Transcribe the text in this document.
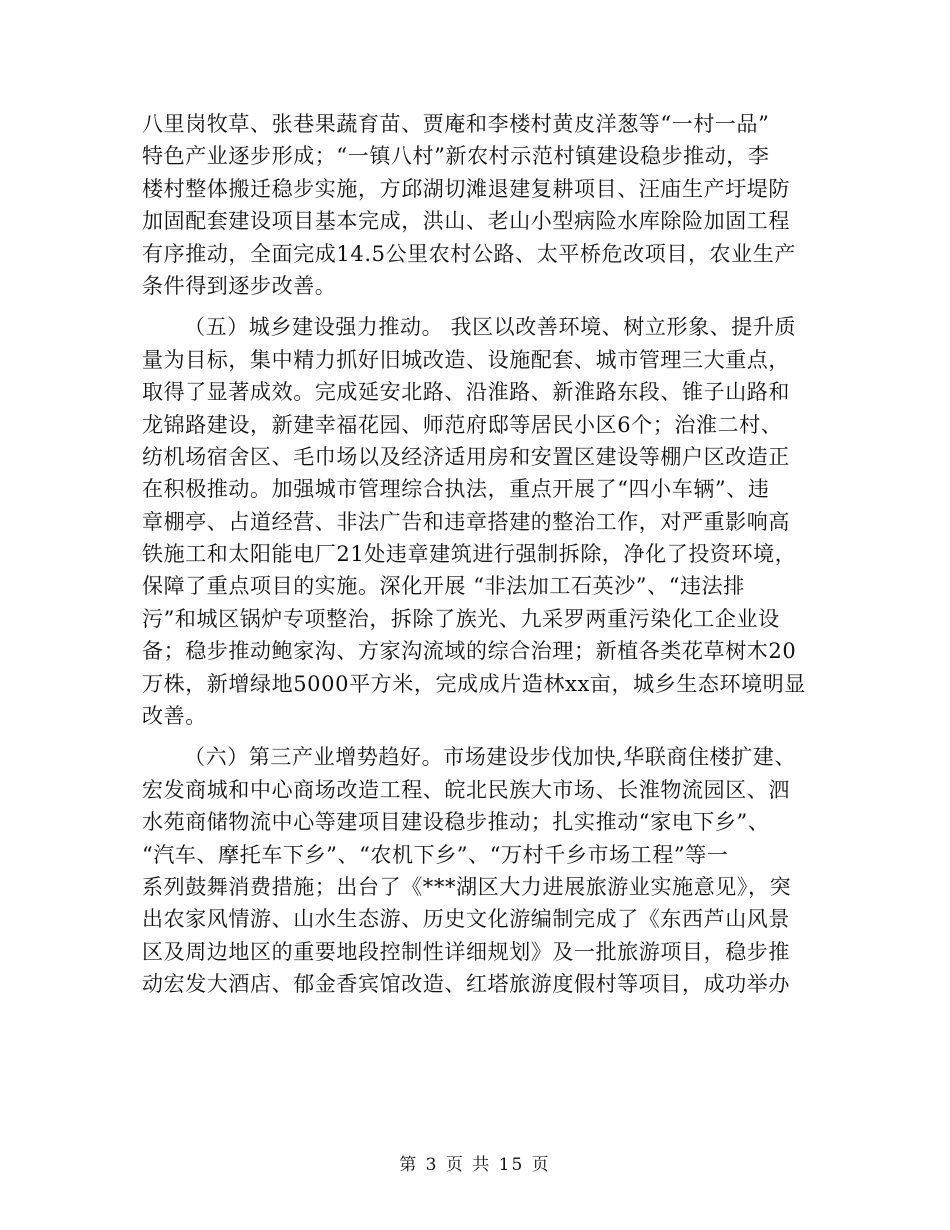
八里岗牧草、张巷果蔬育苗、贾庵和李楼村黄皮洋葱等“一村一品”
特色产业逐步形成；“一镇八村”新农村示范村镇建设稳步推动，李
楼村整体搬迁稳步实施，方邱湖切滩退建复耕项目、汪庙生产圩堤防
加固配套建设项目基本完成，洪山、老山小型病险水库除险加固工程
有序推动，全面完成14.5公里农村公路、太平桥危改项目，农业生产
条件得到逐步改善。
（五）城乡建设强力推动。 我区以改善环境、树立形象、提升质
量为目标，集中精力抓好旧城改造、设施配套、城市管理三大重点，
取得了显著成效。完成延安北路、沿淮路、新淮路东段、锥子山路和
龙锦路建设，新建幸福花园、师范府邸等居民小区6个；治淮二村、
纺机场宿舍区、毛巾场以及经济适用房和安置区建设等棚户区改造正
在积极推动。加强城市管理综合执法，重点开展了“四小车辆”、违
章棚亭、占道经营、非法广告和违章搭建的整治工作，对严重影响高
铁施工和太阳能电厂21处违章建筑进行强制拆除，净化了投资环境，
保障了重点项目的实施。深化开展 “非法加工石英沙”、“违法排
污”和城区锅炉专项整治，拆除了族光、九采罗两重污染化工企业设
备；稳步推动鲍家沟、方家沟流域的综合治理；新植各类花草树木20
万株，新增绿地5000平方米，完成成片造林xx亩，城乡生态环境明显
改善。
（六）第三产业增势趋好。市场建设步伐加快,华联商住楼扩建、
宏发商城和中心商场改造工程、皖北民族大市场、长淮物流园区、泗
水苑商储物流中心等建项目建设稳步推动；扎实推动“家电下乡”、
“汽车、摩托车下乡”、“农机下乡”、“万村千乡市场工程”等一
系列鼓舞消费措施；出台了《***湖区大力进展旅游业实施意见》，突
出农家风情游、山水生态游、历史文化游编制完成了《东西芦山风景
区及周边地区的重要地段控制性详细规划》及一批旅游项目，稳步推
动宏发大酒店、郁金香宾馆改造、红塔旅游度假村等项目，成功举办
第 3 页 共 15 页
